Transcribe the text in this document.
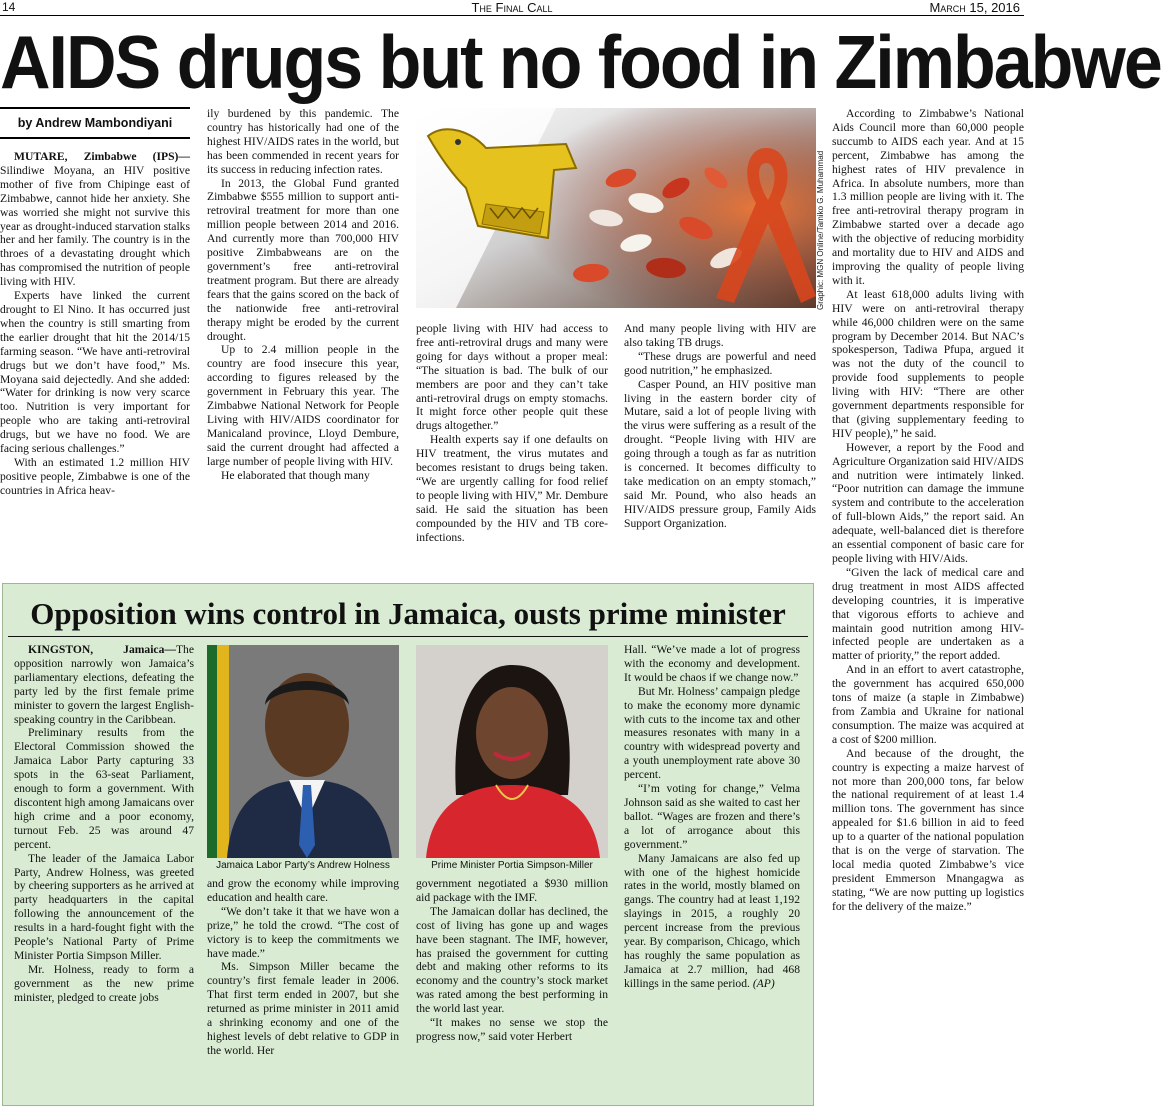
14	The Final Call	March 15, 2016
AIDS drugs but no food in Zimbabwe
by Andrew Mambondiyani

MUTARE, Zimbabwe (IPS)—Silindiwe Moyana, an HIV positive mother of five from Chipinge east of Zimbabwe, cannot hide her anxiety. She was worried she might not survive this year as drought-induced starvation stalks her and her family. The country is in the throes of a devastating drought which has compromised the nutrition of people living with HIV.

Experts have linked the current drought to El Nino. It has occurred just when the country is still smarting from the earlier drought that hit the 2014/15 farming season. “We have anti-retroviral drugs but we don’t have food,” Ms. Moyana said dejectedly. And she added: “Water for drinking is now very scarce too. Nutrition is very important for people who are taking anti-retroviral drugs, but we have no food. We are facing serious challenges.”

With an estimated 1.2 million HIV positive people, Zimbabwe is one of the countries in Africa heav-

ily burdened by this pandemic. The country has historically had one of the highest HIV/AIDS rates in the world, but has been commended in recent years for its success in reducing infection rates.

In 2013, the Global Fund granted Zimbabwe $555 million to support anti-retroviral treatment for more than one million people between 2014 and 2016. And currently more than 700,000 HIV positive Zimbabweans are on the government’s free anti-retroviral treatment program. But there are already fears that the gains scored on the back of the nationwide free anti-retroviral therapy might be eroded by the current drought.

Up to 2.4 million people in the country are food insecure this year, according to figures released by the government in February this year. The Zimbabwe National Network for People Living with HIV/AIDS coordinator for Manicaland province, Lloyd Dembure, said the current drought had affected a large number of people living with HIV.

He elaborated that though many

Graphic: MGN Online/Tamiko G. Muhammad

people living with HIV had access to free anti-retroviral drugs and many were going for days without a proper meal: “The situation is bad. The bulk of our members are poor and they can’t take anti-retroviral drugs on empty stomachs. It might force other people quit these drugs altogether.”

Health experts say if one defaults on HIV treatment, the virus mutates and becomes resistant to drugs being taken. “We are urgently calling for food relief to people living with HIV,” Mr. Dembure said. He said the situation has been compounded by the HIV and TB core-infections.

And many people living with HIV are also taking TB drugs.

“These drugs are powerful and need good nutrition,” he emphasized.

Casper Pound, an HIV positive man living in the eastern border city of Mutare, said a lot of people living with the virus were suffering as a result of the drought. “People living with HIV are going through a tough as far as nutrition is concerned. It becomes difficulty to take medication on an empty stomach,” said Mr. Pound, who also heads an HIV/AIDS pressure group, Family Aids Support Organization.

According to Zimbabwe’s National Aids Council more than 60,000 people succumb to AIDS each year. And at 15 percent, Zimbabwe has among the highest rates of HIV prevalence in Africa. In absolute numbers, more than 1.3 million people are living with it. The free anti-retroviral therapy program in Zimbabwe started over a decade ago with the objective of reducing morbidity and mortality due to HIV and AIDS and improving the quality of people living with it.

At least 618,000 adults living with HIV were on anti-retroviral therapy while 46,000 children were on the same program by December 2014. But NAC’s spokesperson, Tadiwa Pfupa, argued it was not the duty of the council to provide food supplements to people living with HIV: “There are other government departments responsible for that (giving supplementary feeding to HIV people),” he said.

However, a report by the Food and Agriculture Organization said HIV/AIDS and nutrition were intimately linked. “Poor nutrition can damage the immune system and contribute to the acceleration of full-blown Aids,” the report said. An adequate, well-balanced diet is therefore an essential component of basic care for people living with HIV/Aids.

“Given the lack of medical care and drug treatment in most AIDS affected developing countries, it is imperative that vigorous efforts to achieve and maintain good nutrition among HIV-infected people are undertaken as a matter of priority,” the report added.

And in an effort to avert catastrophe, the government has acquired 650,000 tons of maize (a staple in Zimbabwe) from Zambia and Ukraine for national consumption. The maize was acquired at a cost of $200 million.

And because of the drought, the country is expecting a maize harvest of not more than 200,000 tons, far below the national requirement of at least 1.4 million tons. The government has since appealed for $1.6 billion in aid to feed up to a quarter of the national population that is on the verge of starvation. The local media quoted Zimbabwe’s vice president Emmerson Mnangagwa as stating, “We are now putting up logistics for the delivery of the maize.”

Opposition wins control in Jamaica, ousts prime minister

KINGSTON, Jamaica—The opposition narrowly won Jamaica’s parliamentary elections, defeating the party led by the first female prime minister to govern the largest English-speaking country in the Caribbean.

Preliminary results from the Electoral Commission showed the Jamaica Labor Party capturing 33 spots in the 63-seat Parliament, enough to form a government. With discontent high among Jamaicans over high crime and a poor economy, turnout Feb. 25 was around 47 percent.

The leader of the Jamaica Labor Party, Andrew Holness, was greeted by cheering supporters as he arrived at party headquarters in the capital following the announcement of the results in a hard-fought fight with the People’s National Party of Prime Minister Portia Simpson Miller.

Mr. Holness, ready to form a government as the new prime minister, pledged to create jobs

Jamaica Labor Party’s Andrew Holness	Prime Minister Portia Simpson-Miller

and grow the economy while improving education and health care.

“We don’t take it that we have won a prize,” he told the crowd. “The cost of victory is to keep the commitments we have made.”

Ms. Simpson Miller became the country’s first female leader in 2006. That first term ended in 2007, but she returned as prime minister in 2011 amid a shrinking economy and one of the highest levels of debt relative to GDP in the world. Her

government negotiated a $930 million aid package with the IMF.

The Jamaican dollar has declined, the cost of living has gone up and wages have been stagnant. The IMF, however, has praised the government for cutting debt and making other reforms to its economy and the country’s stock market was rated among the best performing in the world last year.

“It makes no sense we stop the progress now,” said voter Herbert

Hall. “We’ve made a lot of progress with the economy and development. It would be chaos if we change now.”

But Mr. Holness’ campaign pledge to make the economy more dynamic with cuts to the income tax and other measures resonates with many in a country with widespread poverty and a youth unemployment rate above 30 percent.

“I’m voting for change,” Velma Johnson said as she waited to cast her ballot. “Wages are frozen and there’s a lot of arrogance about this government.”

Many Jamaicans are also fed up with one of the highest homicide rates in the world, mostly blamed on gangs. The country had at least 1,192 slayings in 2015, a roughly 20 percent increase from the previous year. By comparison, Chicago, which has roughly the same population as Jamaica at 2.7 million, had 468 killings in the same period. (AP)
